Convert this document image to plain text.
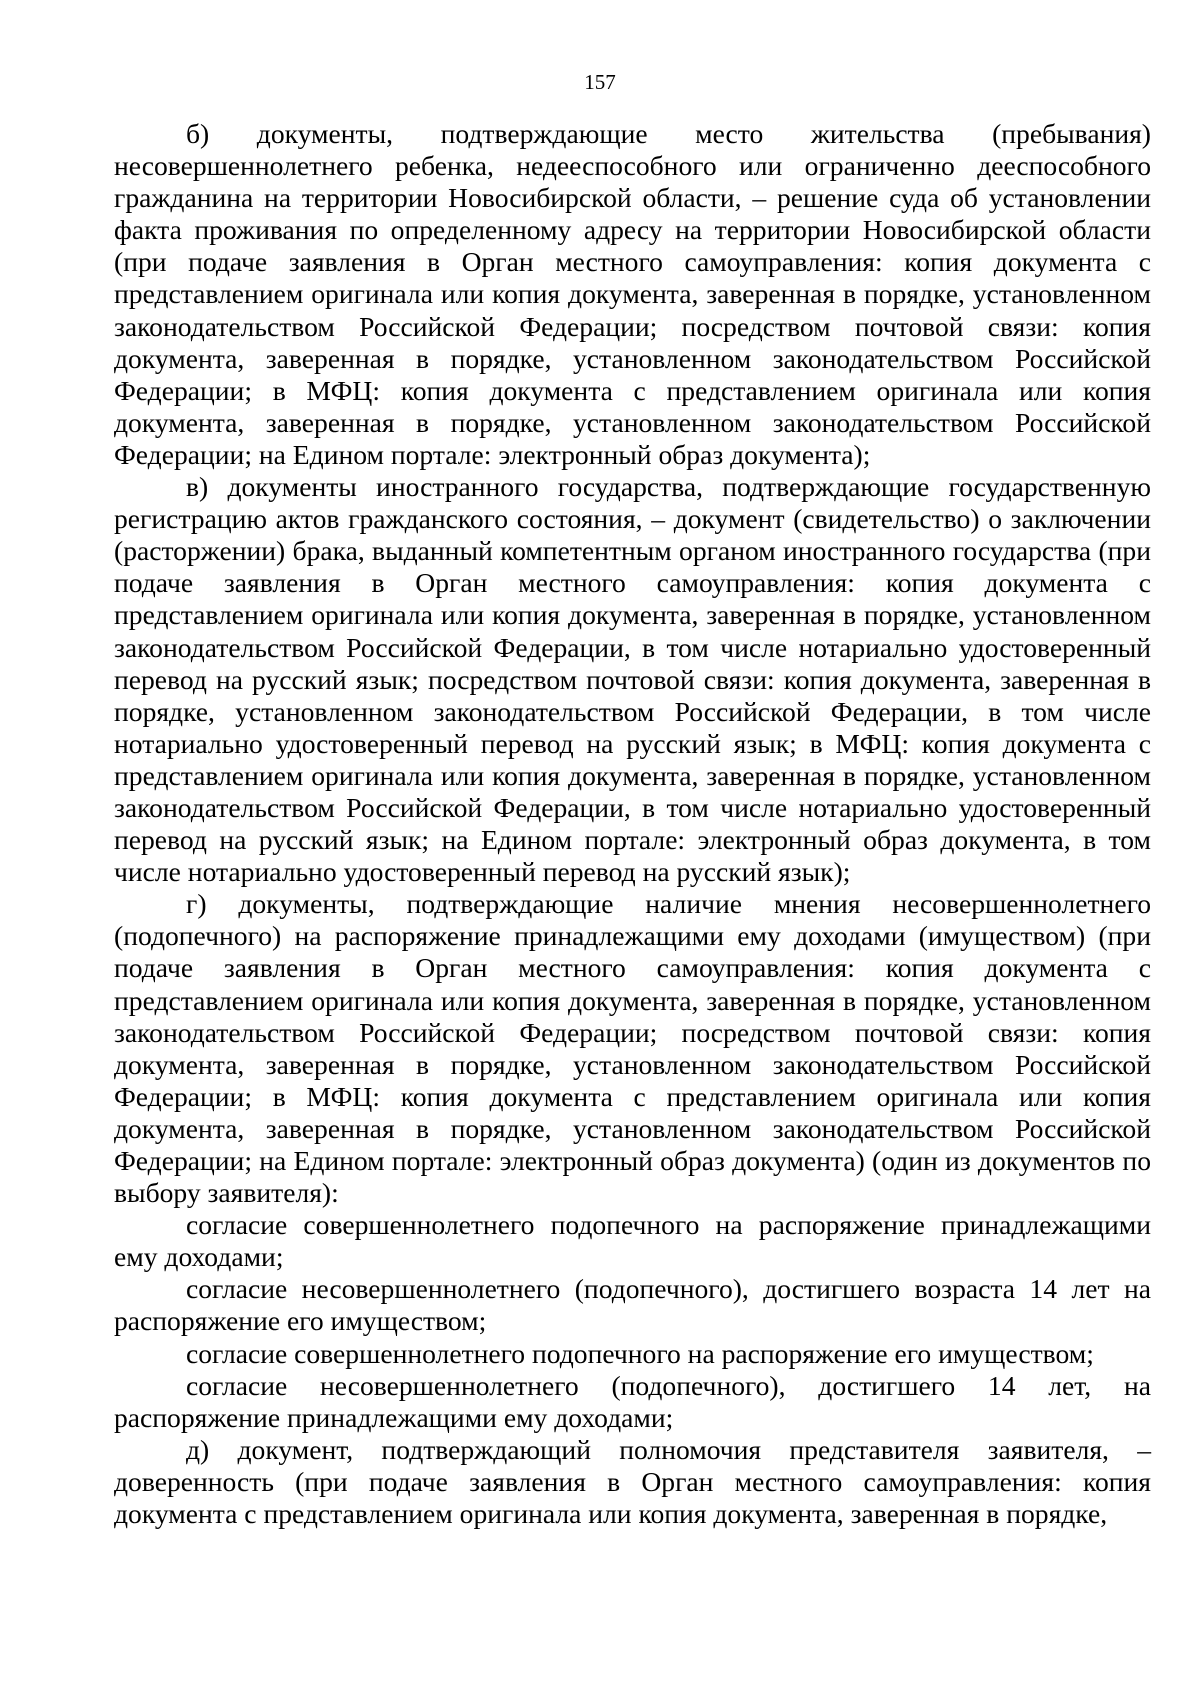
157

б) документы, подтверждающие место жительства (пребывания) несовершеннолетнего ребенка, недееспособного или ограниченно дееспособного гражданина на территории Новосибирской области, – решение суда об установлении факта проживания по определенному адресу на территории Новосибирской области (при подаче заявления в Орган местного самоуправления: копия документа с представлением оригинала или копия документа, заверенная в порядке, установленном законодательством Российской Федерации; посредством почтовой связи: копия документа, заверенная в порядке, установленном законодательством Российской Федерации; в МФЦ: копия документа с представлением оригинала или копия документа, заверенная в порядке, установленном законодательством Российской Федерации; на Едином портале: электронный образ документа);

в) документы иностранного государства, подтверждающие государственную регистрацию актов гражданского состояния, – документ (свидетельство) о заключении (расторжении) брака, выданный компетентным органом иностранного государства (при подаче заявления в Орган местного самоуправления: копия документа с представлением оригинала или копия документа, заверенная в порядке, установленном законодательством Российской Федерации, в том числе нотариально удостоверенный перевод на русский язык; посредством почтовой связи: копия документа, заверенная в порядке, установленном законодательством Российской Федерации, в том числе нотариально удостоверенный перевод на русский язык; в МФЦ: копия документа с представлением оригинала или копия документа, заверенная в порядке, установленном законодательством Российской Федерации, в том числе нотариально удостоверенный перевод на русский язык; на Едином портале: электронный образ документа, в том числе нотариально удостоверенный перевод на русский язык);

г) документы, подтверждающие наличие мнения несовершеннолетнего (подопечного) на распоряжение принадлежащими ему доходами (имуществом) (при подаче заявления в Орган местного самоуправления: копия документа с представлением оригинала или копия документа, заверенная в порядке, установленном законодательством Российской Федерации; посредством почтовой связи: копия документа, заверенная в порядке, установленном законодательством Российской Федерации; в МФЦ: копия документа с представлением оригинала или копия документа, заверенная в порядке, установленном законодательством Российской Федерации; на Едином портале: электронный образ документа) (один из документов по выбору заявителя):

согласие совершеннолетнего подопечного на распоряжение принадлежащими ему доходами;

согласие несовершеннолетнего (подопечного), достигшего возраста 14 лет на распоряжение его имуществом;

согласие совершеннолетнего подопечного на распоряжение его имуществом;

согласие несовершеннолетнего (подопечного), достигшего 14 лет, на распоряжение принадлежащими ему доходами;

д) документ, подтверждающий полномочия представителя заявителя, – доверенность (при подаче заявления в Орган местного самоуправления: копия документа с представлением оригинала или копия документа, заверенная в порядке,
